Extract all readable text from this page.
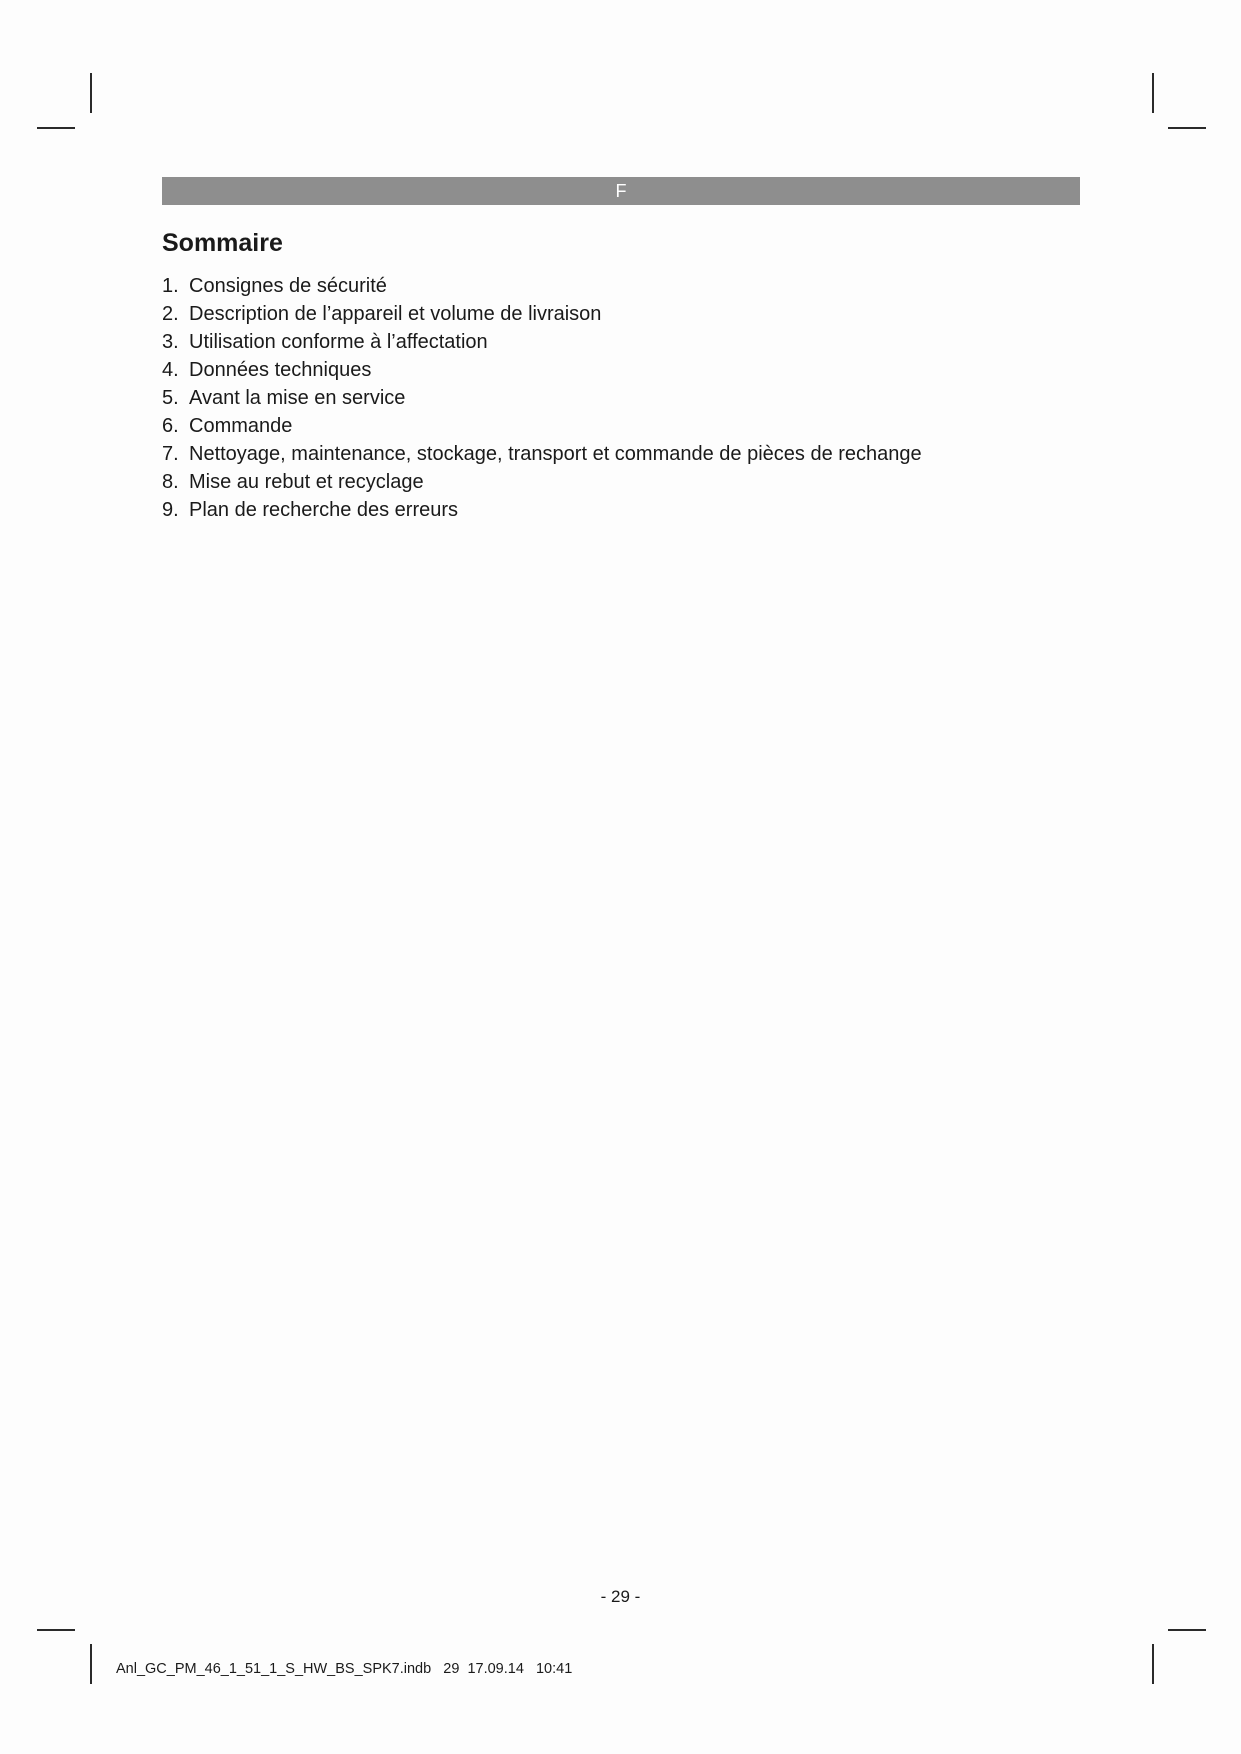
F
Sommaire
1. Consignes de sécurité
2. Description de l’appareil et volume de livraison
3. Utilisation conforme à l’affectation
4. Données techniques
5. Avant la mise en service
6. Commande
7. Nettoyage, maintenance, stockage, transport et commande de pièces de rechange
8. Mise au rebut et recyclage
9. Plan de recherche des erreurs
- 29 -
Anl_GC_PM_46_1_51_1_S_HW_BS_SPK7.indb   29  17.09.14   10:41
